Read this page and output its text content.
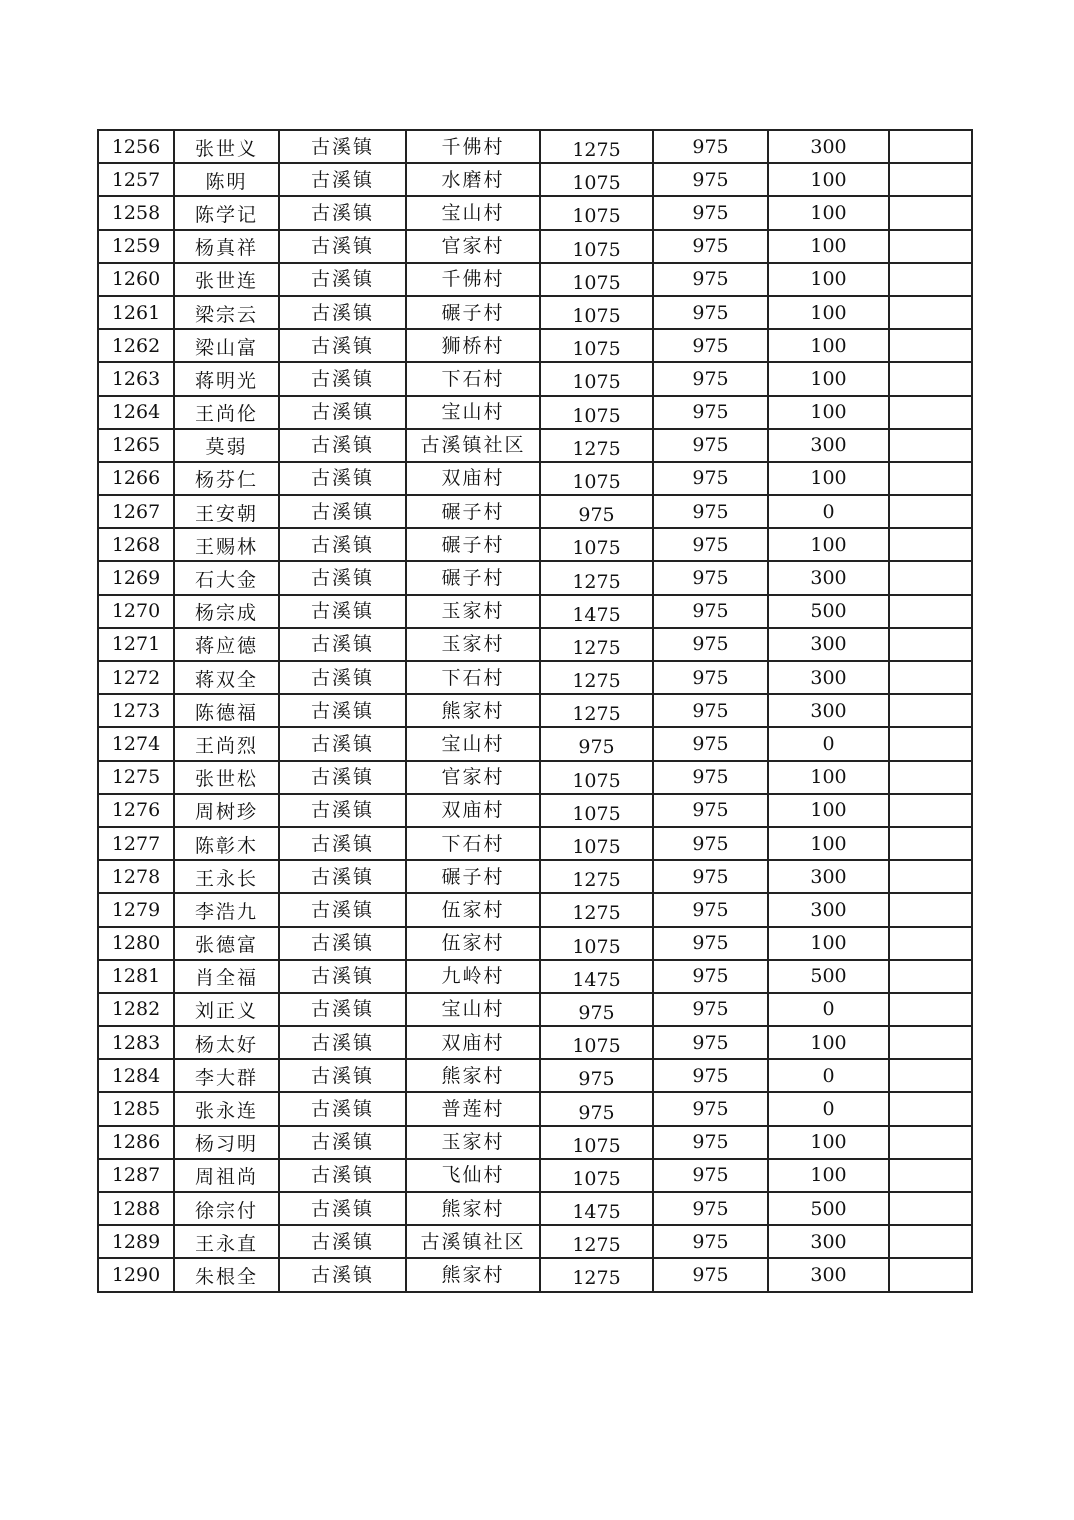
1256	张世义	古溪镇	千佛村	1275	975	300	
1257	陈明	古溪镇	水磨村	1075	975	100	
1258	陈学记	古溪镇	宝山村	1075	975	100	
1259	杨真祥	古溪镇	官家村	1075	975	100	
1260	张世连	古溪镇	千佛村	1075	975	100	
1261	梁宗云	古溪镇	碾子村	1075	975	100	
1262	梁山富	古溪镇	狮桥村	1075	975	100	
1263	蒋明光	古溪镇	下石村	1075	975	100	
1264	王尚伦	古溪镇	宝山村	1075	975	100	
1265	莫弱	古溪镇	古溪镇社区	1275	975	300	
1266	杨芬仁	古溪镇	双庙村	1075	975	100	
1267	王安朝	古溪镇	碾子村	975	975	0	
1268	王赐林	古溪镇	碾子村	1075	975	100	
1269	石大金	古溪镇	碾子村	1275	975	300	
1270	杨宗成	古溪镇	玉家村	1475	975	500	
1271	蒋应德	古溪镇	玉家村	1275	975	300	
1272	蒋双全	古溪镇	下石村	1275	975	300	
1273	陈德福	古溪镇	熊家村	1275	975	300	
1274	王尚烈	古溪镇	宝山村	975	975	0	
1275	张世松	古溪镇	官家村	1075	975	100	
1276	周树珍	古溪镇	双庙村	1075	975	100	
1277	陈彰木	古溪镇	下石村	1075	975	100	
1278	王永长	古溪镇	碾子村	1275	975	300	
1279	李浩九	古溪镇	伍家村	1275	975	300	
1280	张德富	古溪镇	伍家村	1075	975	100	
1281	肖全福	古溪镇	九岭村	1475	975	500	
1282	刘正义	古溪镇	宝山村	975	975	0	
1283	杨太好	古溪镇	双庙村	1075	975	100	
1284	李大群	古溪镇	熊家村	975	975	0	
1285	张永连	古溪镇	普莲村	975	975	0	
1286	杨习明	古溪镇	玉家村	1075	975	100	
1287	周祖尚	古溪镇	飞仙村	1075	975	100	
1288	徐宗付	古溪镇	熊家村	1475	975	500	
1289	王永直	古溪镇	古溪镇社区	1275	975	300	
1290	朱根全	古溪镇	熊家村	1275	975	300	
